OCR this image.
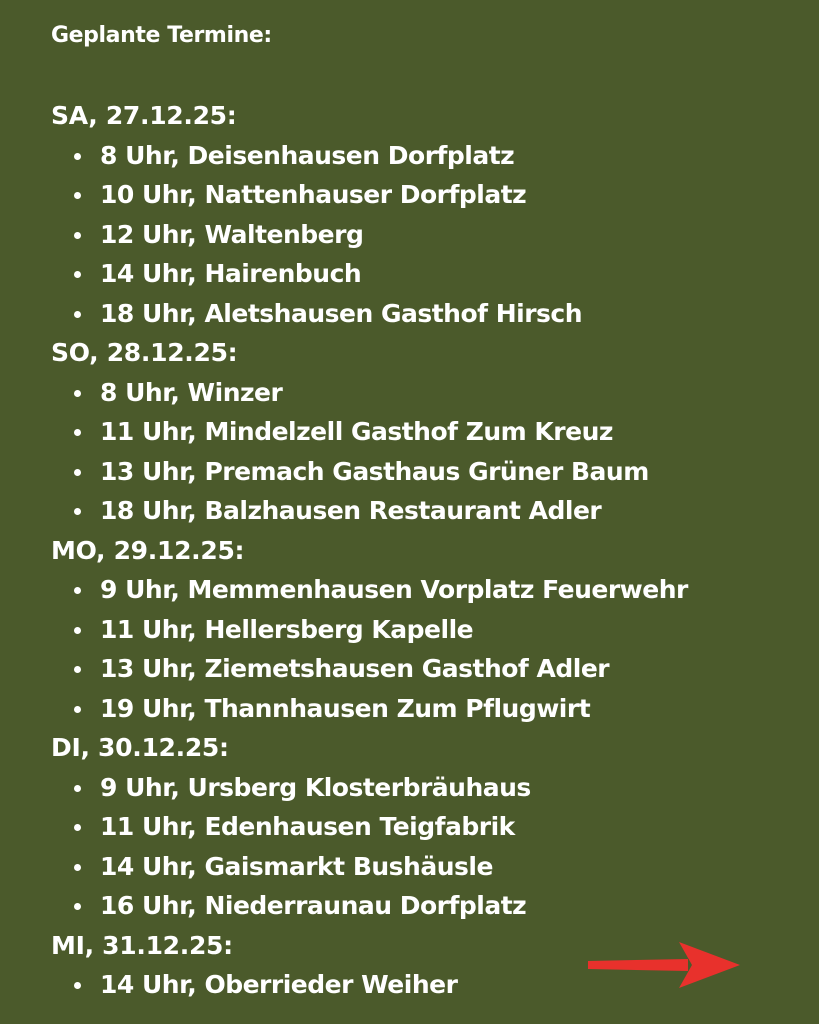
Geplante Termine:
SA, 27.12.25:
8 Uhr, Deisenhausen Dorfplatz
10 Uhr, Nattenhauser Dorfplatz
12 Uhr, Waltenberg
14 Uhr, Hairenbuch
18 Uhr, Aletshausen Gasthof Hirsch
SO, 28.12.25:
8 Uhr, Winzer
11 Uhr, Mindelzell Gasthof Zum Kreuz
13 Uhr, Premach Gasthaus Grüner Baum
18 Uhr, Balzhausen Restaurant Adler
MO, 29.12.25:
9 Uhr, Memmenhausen Vorplatz Feuerwehr
11 Uhr, Hellersberg Kapelle
13 Uhr, Ziemetshausen Gasthof Adler
19 Uhr, Thannhausen Zum Pflugwirt
DI, 30.12.25:
9 Uhr, Ursberg Klosterbräuhaus
11 Uhr, Edenhausen Teigfabrik
14 Uhr, Gaismarkt Bushäusle
16 Uhr, Niederraunau Dorfplatz
MI, 31.12.25:
14 Uhr, Oberrieder Weiher
